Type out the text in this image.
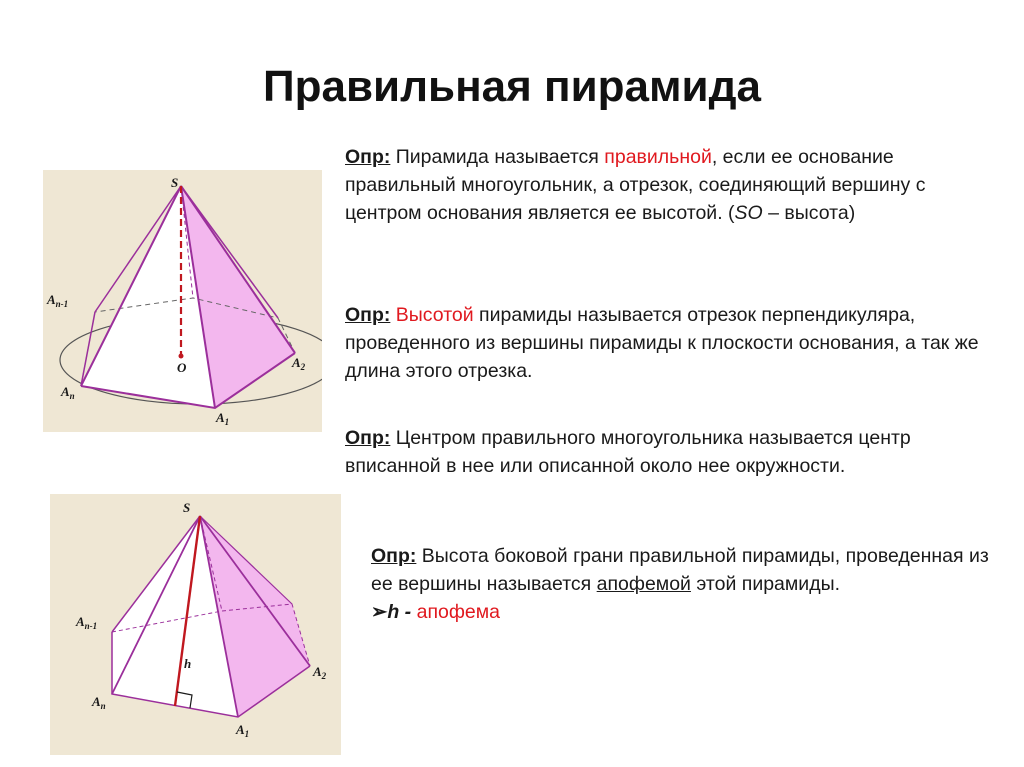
Правильная пирамида
S
O
$A_{n-1}$
$A_n$
$A_1$
$A_2$
S
h
$A_{n-1}$
$A_n$
$A_1$
$A_2$
Опр: Пирамида называется правильной, если ее основание правильный многоугольник, а отрезок, соединяющий вершину с центром основания является ее высотой. (SO – высота)
Опр: Высотой пирамиды называется отрезок перпендикуляра, проведенного из вершины пирамиды к плоскости основания, а так же длина этого отрезка.
Опр: Центром правильного многоугольника называется центр вписанной в нее или описанной около нее окружности.
Опр: Высота боковой грани правильной пирамиды, проведенная из ее вершины называется апофемой этой пирамиды.
➢h - апофема
